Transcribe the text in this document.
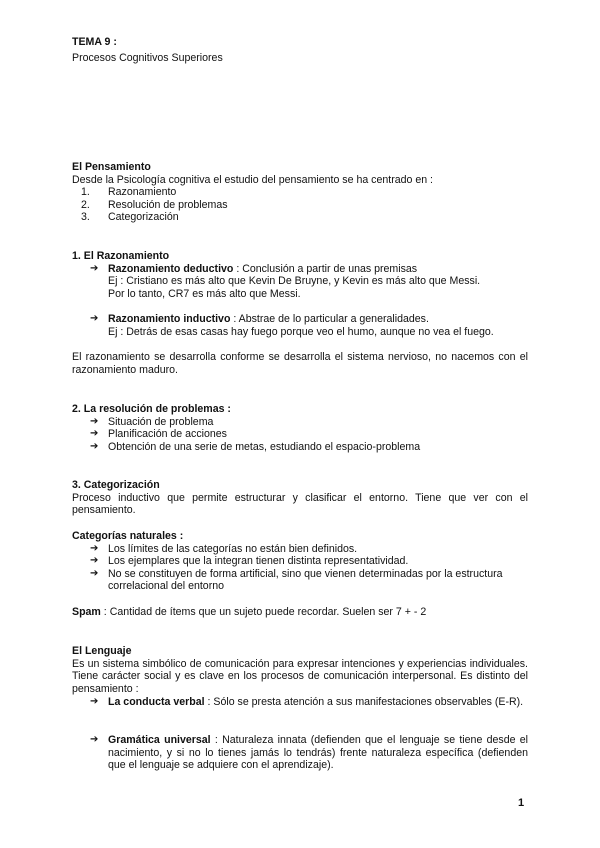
TEMA 9 :
Procesos Cognitivos Superiores
El Pensamiento
Desde la Psicología cognitiva el estudio del pensamiento se ha centrado en :
1. Razonamiento
2. Resolución de problemas
3. Categorización
1. El Razonamiento
➔ Razonamiento deductivo : Conclusión a partir de unas premisas
Ej : Cristiano es más alto que Kevin De Bruyne, y Kevin es más alto que Messi.
Por lo tanto, CR7 es más alto que Messi.
➔ Razonamiento inductivo : Abstrae de lo particular a generalidades.
Ej : Detrás de esas casas hay fuego porque veo el humo, aunque no vea el fuego.
El razonamiento se desarrolla conforme se desarrolla el sistema nervioso, no nacemos con el razonamiento maduro.
2. La resolución de problemas :
➔ Situación de problema
➔ Planificación de acciones
➔ Obtención de una serie de metas, estudiando el espacio-problema
3. Categorización
Proceso inductivo que permite estructurar y clasificar el entorno. Tiene que ver con el pensamiento.
Categorías naturales :
➔ Los límites de las categorías no están bien definidos.
➔ Los ejemplares que la integran tienen distinta representatividad.
➔ No se constituyen de forma artificial, sino que vienen determinadas por la estructura correlacional del entorno
Spam : Cantidad de ítems que un sujeto puede recordar. Suelen ser 7 + - 2
El Lenguaje
Es un sistema simbólico de comunicación para expresar intenciones y experiencias individuales. Tiene carácter social y es clave en los procesos de comunicación interpersonal. Es distinto del pensamiento :
➔ La conducta verbal : Sólo se presta atención a sus manifestaciones observables (E-R).
➔ Gramática universal : Naturaleza innata (defienden que el lenguaje se tiene desde el nacimiento, y si no lo tienes jamás lo tendrás) frente naturaleza específica (defienden que el lenguaje se adquiere con el aprendizaje).
1
